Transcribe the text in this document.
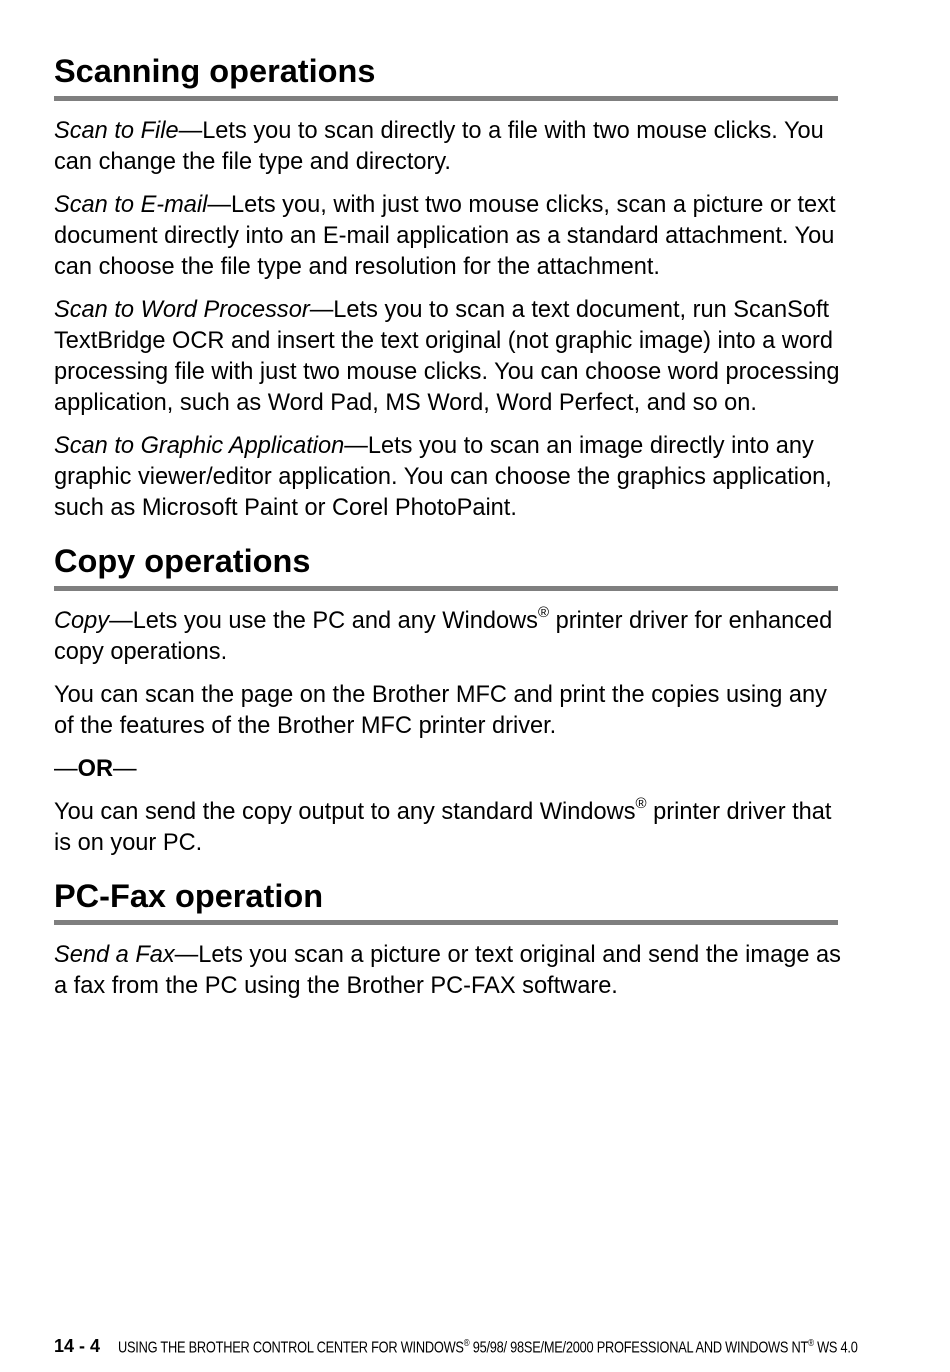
Scanning operations

Scan to File—Lets you to scan directly to a file with two mouse clicks. You can change the file type and directory.

Scan to E-mail—Lets you, with just two mouse clicks, scan a picture or text document directly into an E-mail application as a standard attachment. You can choose the file type and resolution for the attachment.

Scan to Word Processor—Lets you to scan a text document, run ScanSoft TextBridge OCR and insert the text original (not graphic image) into a word processing file with just two mouse clicks. You can choose word processing application, such as Word Pad, MS Word, Word Perfect, and so on.

Scan to Graphic Application—Lets you to scan an image directly into any graphic viewer/editor application. You can choose the graphics application, such as Microsoft Paint or Corel PhotoPaint.

Copy operations

Copy—Lets you use the PC and any Windows® printer driver for enhanced copy operations.

You can scan the page on the Brother MFC and print the copies using any of the features of the Brother MFC printer driver.

—OR—

You can send the copy output to any standard Windows® printer driver that is on your PC.

PC-Fax operation

Send a Fax—Lets you scan a picture or text original and send the image as a fax from the PC using the Brother PC-FAX software.

14 - 4 USING THE BROTHER CONTROL CENTER FOR WINDOWS® 95/98/ 98SE/ME/2000 PROFESSIONAL AND WINDOWS NT® WS 4.0
